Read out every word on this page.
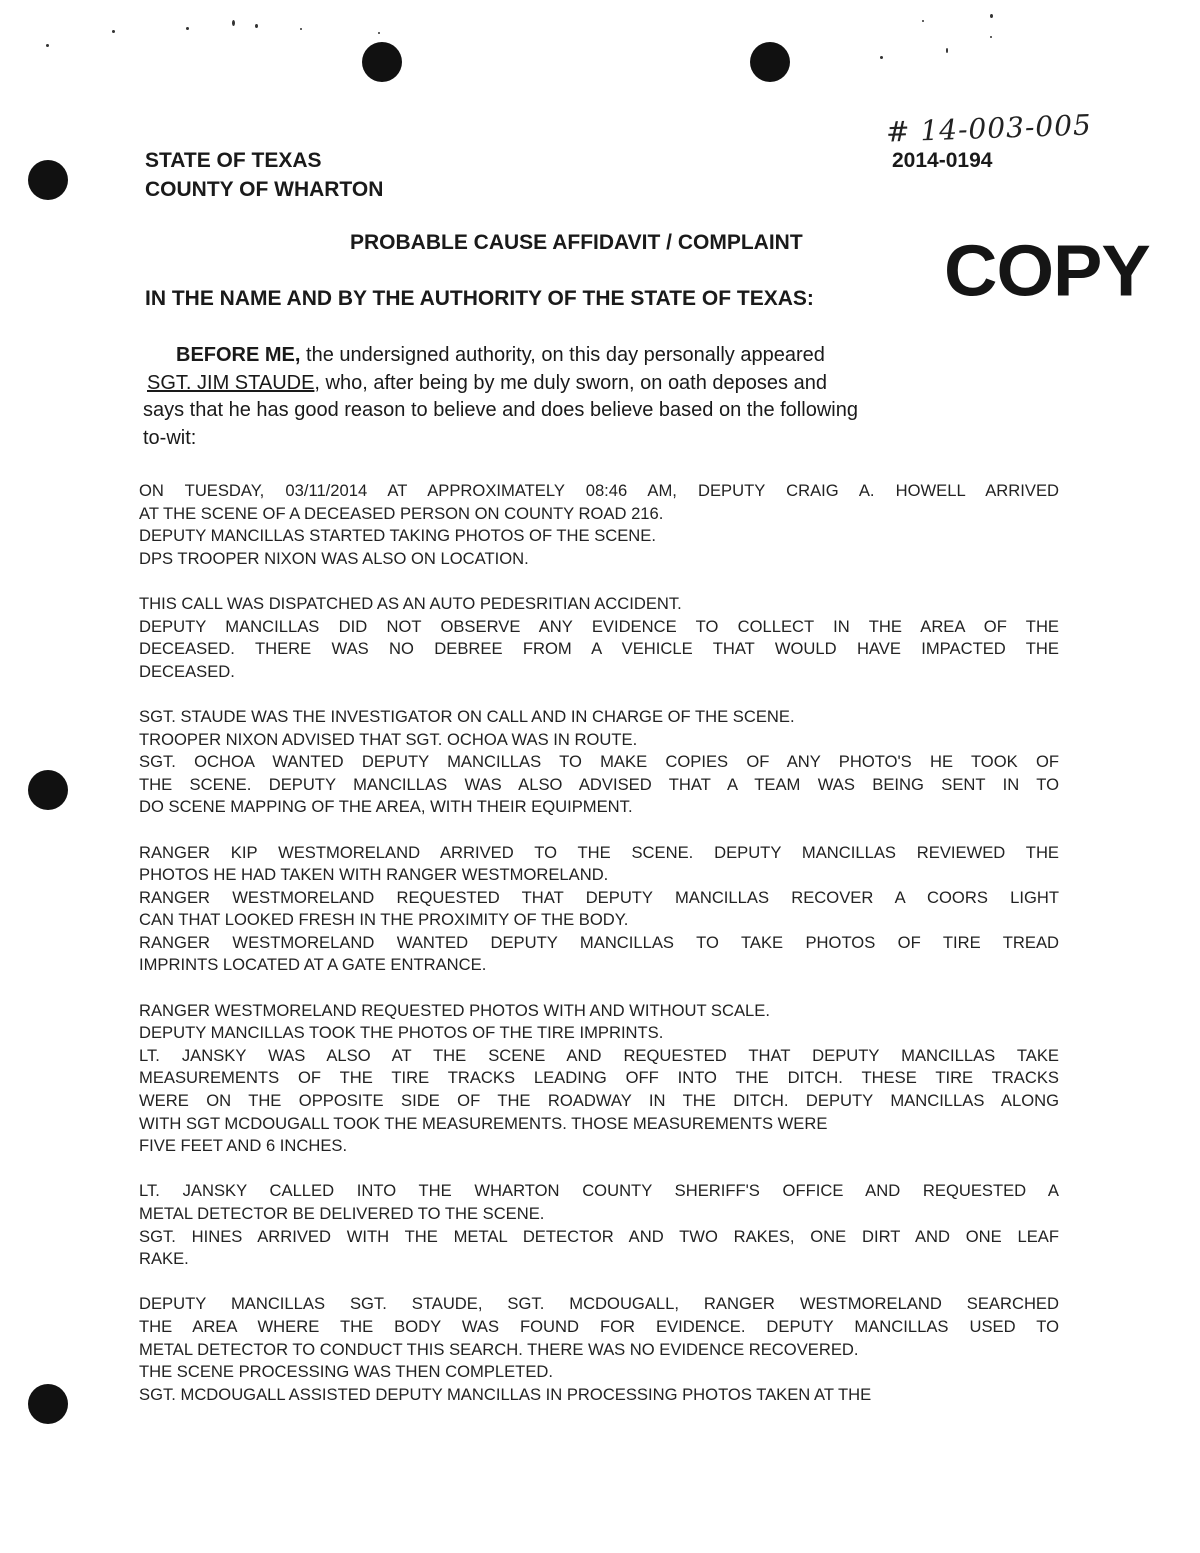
STATE OF TEXAS
COUNTY OF WHARTON
# 14-003-005
2014-0194
PROBABLE CAUSE AFFIDAVIT / COMPLAINT COPY
IN THE NAME AND BY THE AUTHORITY OF THE STATE OF TEXAS:
BEFORE ME, the undersigned authority, on this day personally appeared
SGT. JIM STAUDE, who, after being by me duly sworn, on oath deposes and
says that he has good reason to believe and does believe based on the following
to-wit:
ON TUESDAY, 03/11/2014 AT APPROXIMATELY 08:46 AM, DEPUTY CRAIG A. HOWELL ARRIVED
AT THE SCENE OF A DECEASED PERSON ON COUNTY ROAD 216.
DEPUTY MANCILLAS STARTED TAKING PHOTOS OF THE SCENE.
DPS TROOPER NIXON WAS ALSO ON LOCATION.
THIS CALL WAS DISPATCHED AS AN AUTO PEDESRITIAN ACCIDENT.
DEPUTY MANCILLAS DID NOT OBSERVE ANY EVIDENCE TO COLLECT IN THE AREA OF THE
DECEASED. THERE WAS NO DEBREE FROM A VEHICLE THAT WOULD HAVE IMPACTED THE
DECEASED.
SGT. STAUDE WAS THE INVESTIGATOR ON CALL AND IN CHARGE OF THE SCENE.
TROOPER NIXON ADVISED THAT SGT. OCHOA WAS IN ROUTE.
SGT. OCHOA WANTED DEPUTY MANCILLAS TO MAKE COPIES OF ANY PHOTO'S HE TOOK OF
THE SCENE. DEPUTY MANCILLAS WAS ALSO ADVISED THAT A TEAM WAS BEING SENT IN TO
DO SCENE MAPPING OF THE AREA, WITH THEIR EQUIPMENT.
RANGER KIP WESTMORELAND ARRIVED TO THE SCENE. DEPUTY MANCILLAS REVIEWED THE
PHOTOS HE HAD TAKEN WITH RANGER WESTMORELAND.
RANGER WESTMORELAND REQUESTED THAT DEPUTY MANCILLAS RECOVER A COORS LIGHT
CAN THAT LOOKED FRESH IN THE PROXIMITY OF THE BODY.
RANGER WESTMORELAND WANTED DEPUTY MANCILLAS TO TAKE PHOTOS OF TIRE TREAD
IMPRINTS LOCATED AT A GATE ENTRANCE.
RANGER WESTMORELAND REQUESTED PHOTOS WITH AND WITHOUT SCALE.
DEPUTY MANCILLAS TOOK THE PHOTOS OF THE TIRE IMPRINTS.
LT. JANSKY WAS ALSO AT THE SCENE AND REQUESTED THAT DEPUTY MANCILLAS TAKE
MEASUREMENTS OF THE TIRE TRACKS LEADING OFF INTO THE DITCH. THESE TIRE TRACKS
WERE ON THE OPPOSITE SIDE OF THE ROADWAY IN THE DITCH. DEPUTY MANCILLAS ALONG
WITH SGT MCDOUGALL TOOK THE MEASUREMENTS. THOSE MEASUREMENTS WERE
FIVE FEET AND 6 INCHES.
LT. JANSKY CALLED INTO THE WHARTON COUNTY SHERIFF'S OFFICE AND REQUESTED A
METAL DETECTOR BE DELIVERED TO THE SCENE.
SGT. HINES ARRIVED WITH THE METAL DETECTOR AND TWO RAKES, ONE DIRT AND ONE LEAF
RAKE.
DEPUTY MANCILLAS SGT. STAUDE, SGT. MCDOUGALL, RANGER WESTMORELAND SEARCHED
THE AREA WHERE THE BODY WAS FOUND FOR EVIDENCE. DEPUTY MANCILLAS USED TO
METAL DETECTOR TO CONDUCT THIS SEARCH. THERE WAS NO EVIDENCE RECOVERED.
THE SCENE PROCESSING WAS THEN COMPLETED.
SGT. MCDOUGALL ASSISTED DEPUTY MANCILLAS IN PROCESSING PHOTOS TAKEN AT THE
